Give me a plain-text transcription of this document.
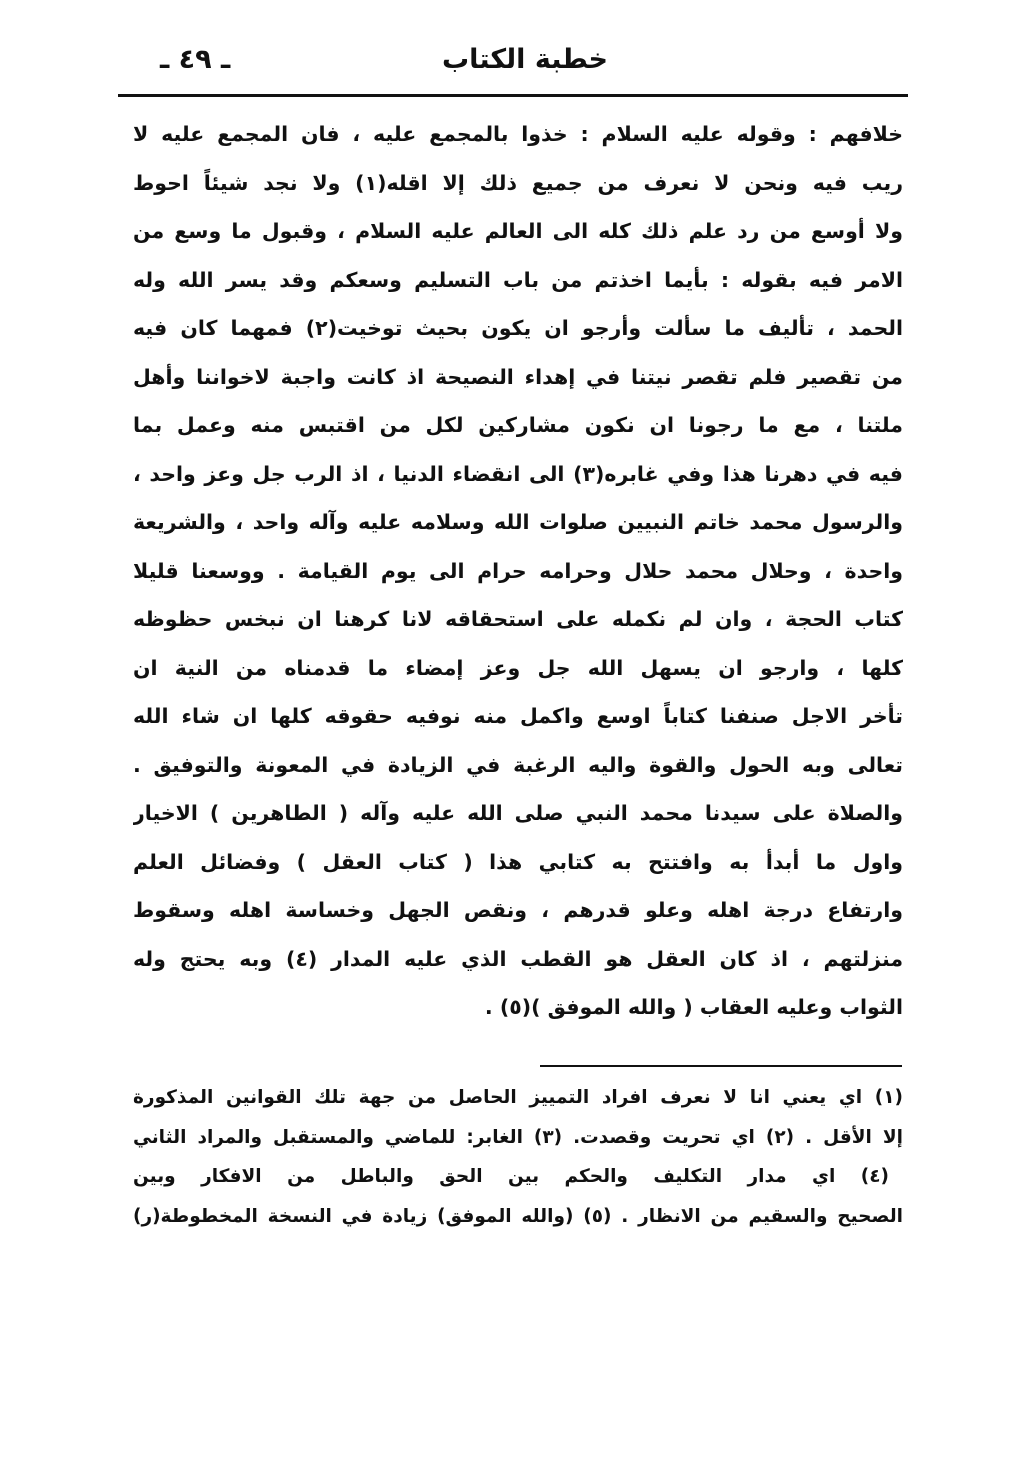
خطبة الكتاب
ـ ٤٩ ـ
خلافهم : وقوله عليه السلام : خذوا بالمجمع عليه ، فان المجمع عليه لا
ريب فيه ونحن لا نعرف من جميع ذلك إلا اقله(١) ولا نجد شيئاً احوط
ولا أوسع من رد علم ذلك كله الى العالم عليه السلام ، وقبول ما وسع من
الامر فيه بقوله : بأيما اخذتم من باب التسليم وسعكم وقد يسر الله وله
الحمد ، تأليف ما سألت وأرجو ان يكون بحيث توخيت(٢) فمهما كان فيه
من تقصير فلم تقصر نيتنا في إهداء النصيحة اذ كانت واجبة لاخواننا وأهل
ملتنا ، مع ما رجونا ان نكون مشاركين لكل من اقتبس منه وعمل بما
فيه في دهرنا هذا وفي غابره(٣) الى انقضاء الدنيا ، اذ الرب جل وعز واحد ،
والرسول محمد خاتم النبيين صلوات الله وسلامه عليه وآله واحد ، والشريعة
واحدة ، وحلال محمد حلال وحرامه حرام الى يوم القيامة . ووسعنا قليلا
كتاب الحجة ، وان لم نكمله على استحقاقه لانا كرهنا ان نبخس حظوظه
كلها ، وارجو ان يسهل الله جل وعز إمضاء ما قدمناه من النية ان
تأخر الاجل صنفنا كتاباً اوسع واكمل منه نوفيه حقوقه كلها ان شاء الله
تعالى وبه الحول والقوة واليه الرغبة في الزيادة في المعونة والتوفيق .
والصلاة على سيدنا محمد النبي صلى الله عليه وآله ( الطاهرين ) الاخيار
واول ما أبدأ به وافتتح به كتابي هذا ( كتاب العقل ) وفضائل العلم
وارتفاع درجة اهله وعلو قدرهم ، ونقص الجهل وخساسة اهله وسقوط
منزلتهم ، اذ كان العقل هو القطب الذي عليه المدار (٤) وبه يحتج وله
الثواب وعليه العقاب ( والله الموفق )(٥) .
(١) اي يعني انا لا نعرف افراد التمييز الحاصل من جهة تلك القوانين المذكورة
إلا الأقل . (٢) اي تحريت وقصدت. (٣) الغابر: للماضي والمستقبل والمراد الثاني
(٤) اي مدار التكليف والحكم بين الحق والباطل من الافكار وبين
الصحيح والسقيم من الانظار . (٥) (والله الموفق) زيادة في النسخة المخطوطة(ر)
